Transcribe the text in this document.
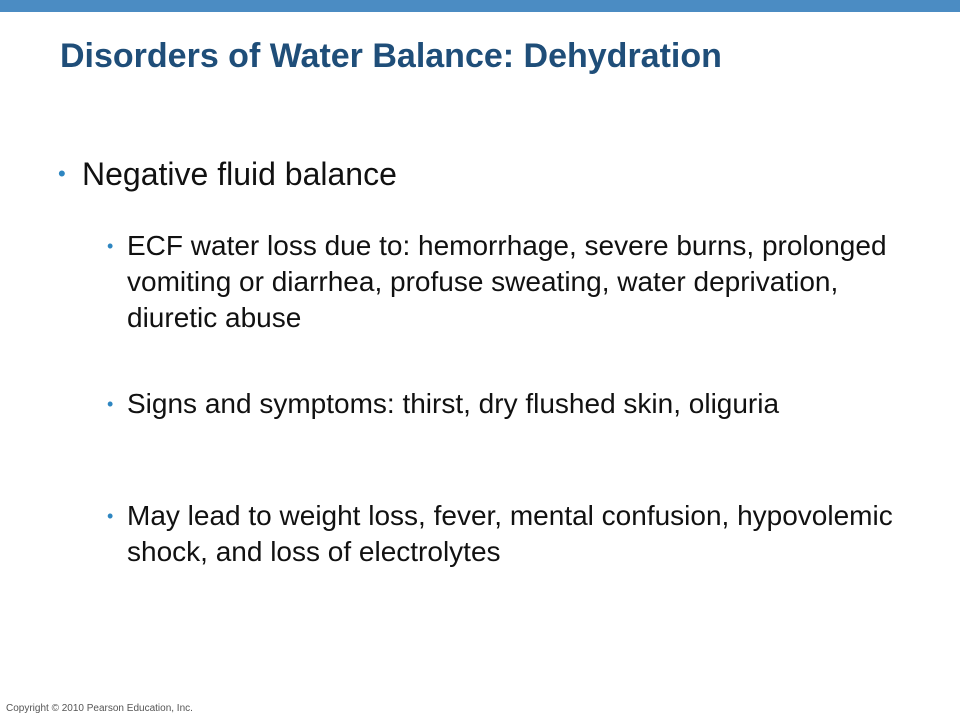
Disorders of Water Balance: Dehydration
• Negative fluid balance
• ECF water loss due to: hemorrhage, severe burns, prolonged vomiting or diarrhea, profuse sweating, water deprivation, diuretic abuse
• Signs and symptoms: thirst, dry flushed skin, oliguria
• May lead to weight loss, fever, mental confusion, hypovolemic shock, and loss of electrolytes
Copyright © 2010 Pearson Education, Inc.
